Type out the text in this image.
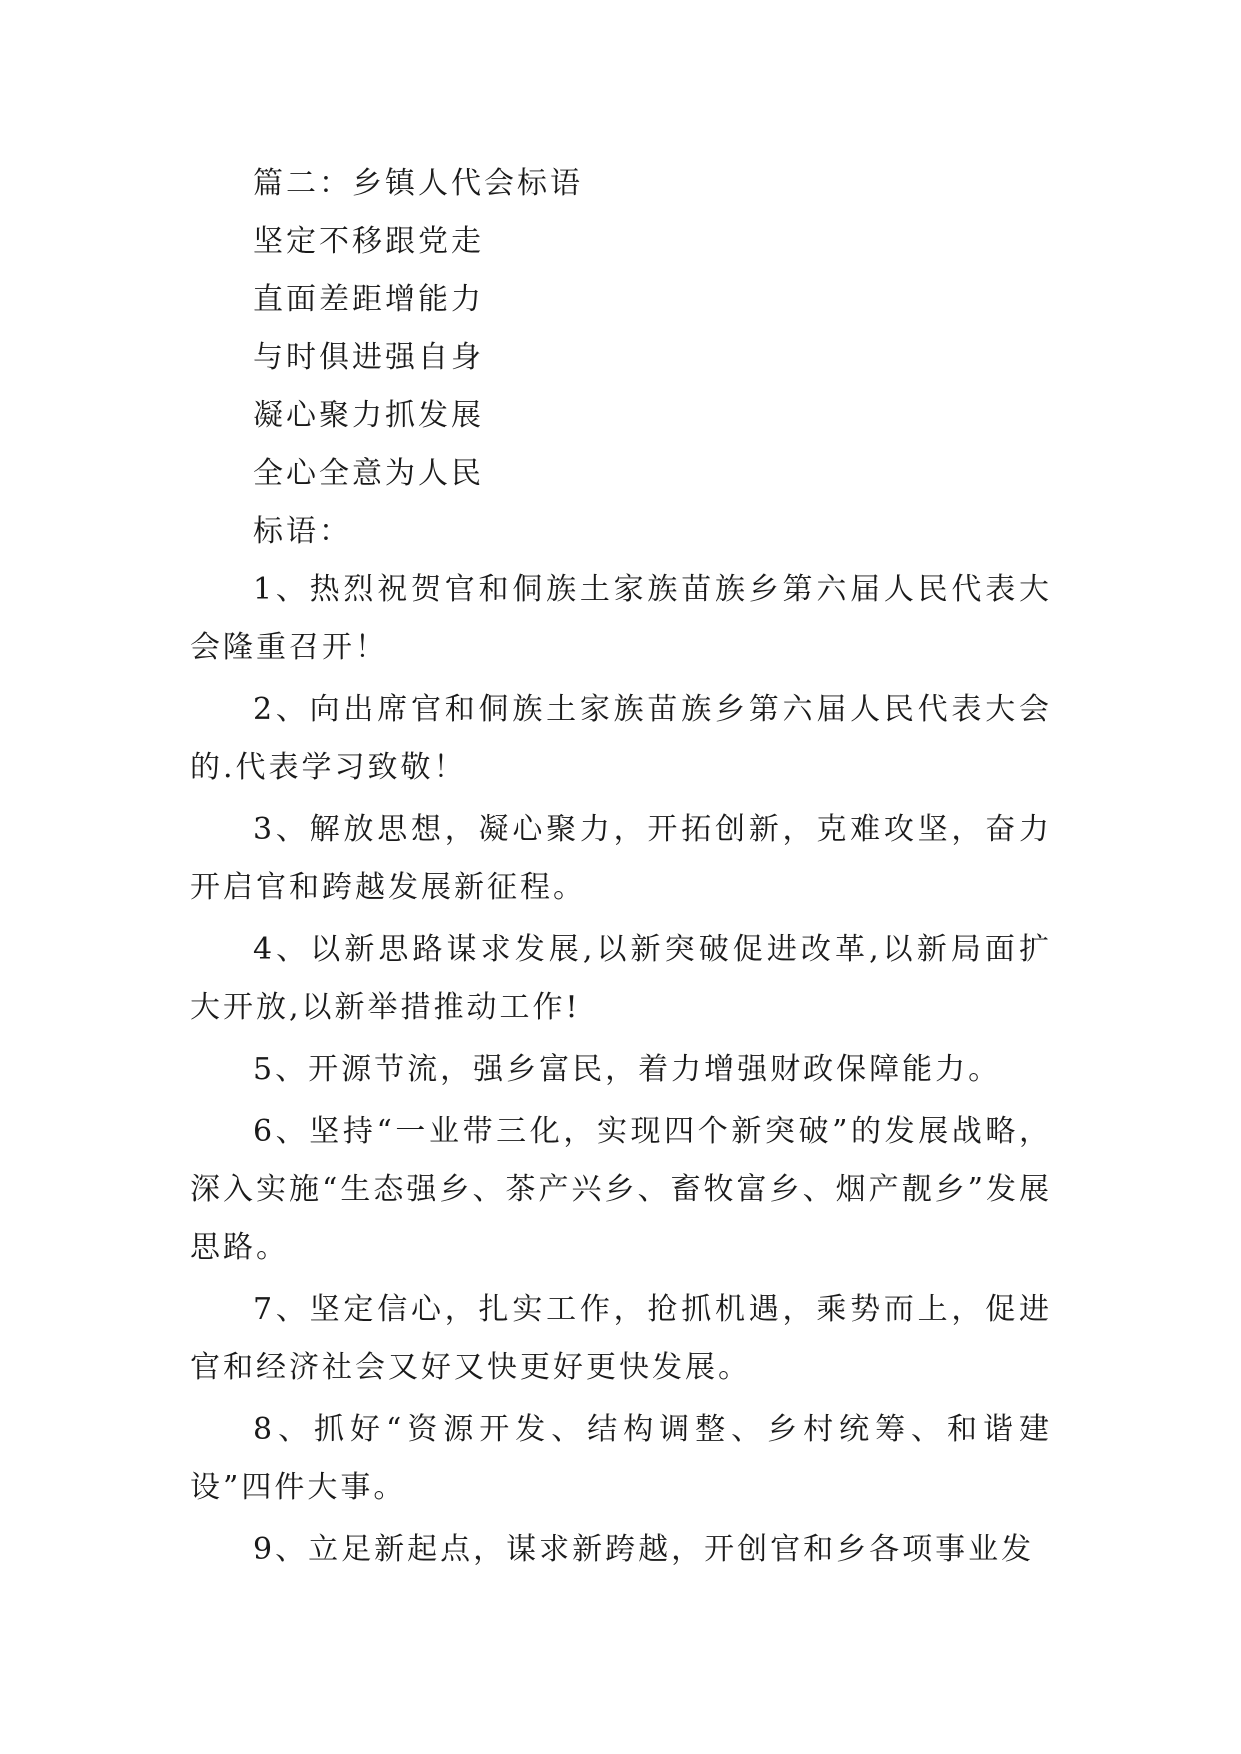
篇二：乡镇人代会标语

坚定不移跟党走

直面差距增能力

与时俱进强自身

凝心聚力抓发展

全心全意为人民

标语：

1、热烈祝贺官和侗族土家族苗族乡第六届人民代表大会隆重召开！

2、向出席官和侗族土家族苗族乡第六届人民代表大会的.代表学习致敬！

3、解放思想，凝心聚力，开拓创新，克难攻坚，奋力开启官和跨越发展新征程。

4、以新思路谋求发展,以新突破促进改革,以新局面扩大开放,以新举措推动工作!

5、开源节流，强乡富民，着力增强财政保障能力。

6、坚持“一业带三化，实现四个新突破”的发展战略，深入实施“生态强乡、茶产兴乡、畜牧富乡、烟产靓乡”发展思路。

7、坚定信心，扎实工作，抢抓机遇，乘势而上，促进官和经济社会又好又快更好更快发展。

8、抓好“资源开发、结构调整、乡村统筹、和谐建设”四件大事。

9、立足新起点，谋求新跨越，开创官和乡各项事业发
